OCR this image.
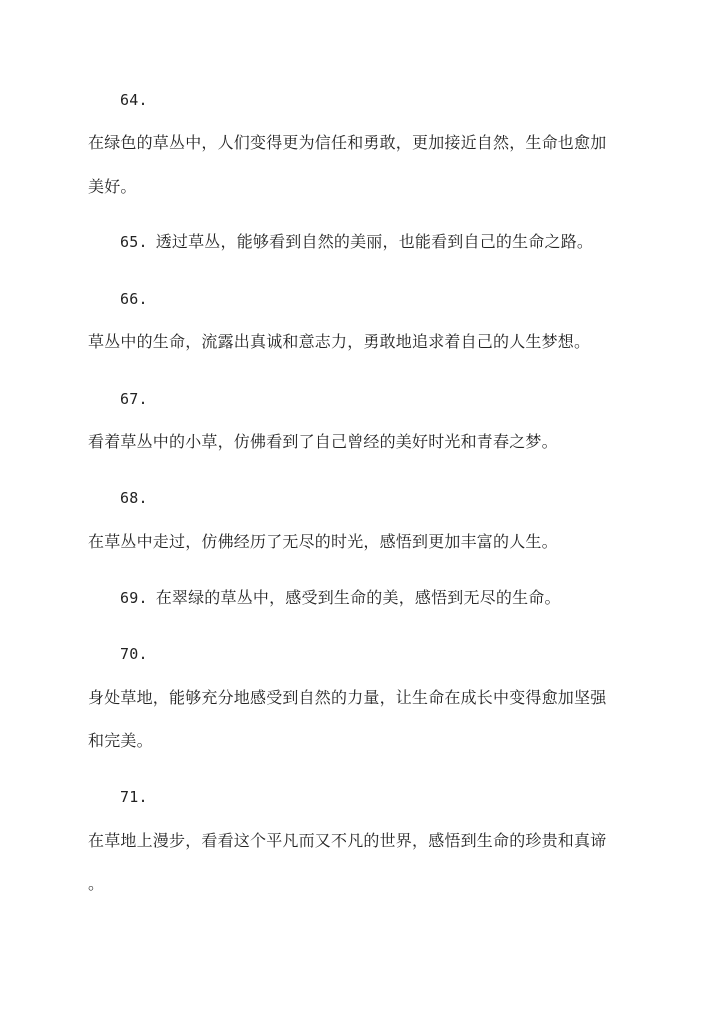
64.
在绿色的草丛中，人们变得更为信任和勇敢，更加接近自然，生命也愈加
美好。
65. 透过草丛，能够看到自然的美丽，也能看到自己的生命之路。
66.
草丛中的生命，流露出真诚和意志力，勇敢地追求着自己的人生梦想。
67.
看着草丛中的小草，仿佛看到了自己曾经的美好时光和青春之梦。
68.
在草丛中走过，仿佛经历了无尽的时光，感悟到更加丰富的人生。
69. 在翠绿的草丛中，感受到生命的美，感悟到无尽的生命。
70.
身处草地，能够充分地感受到自然的力量，让生命在成长中变得愈加坚强
和完美。
71.
在草地上漫步，看看这个平凡而又不凡的世界，感悟到生命的珍贵和真谛
。
